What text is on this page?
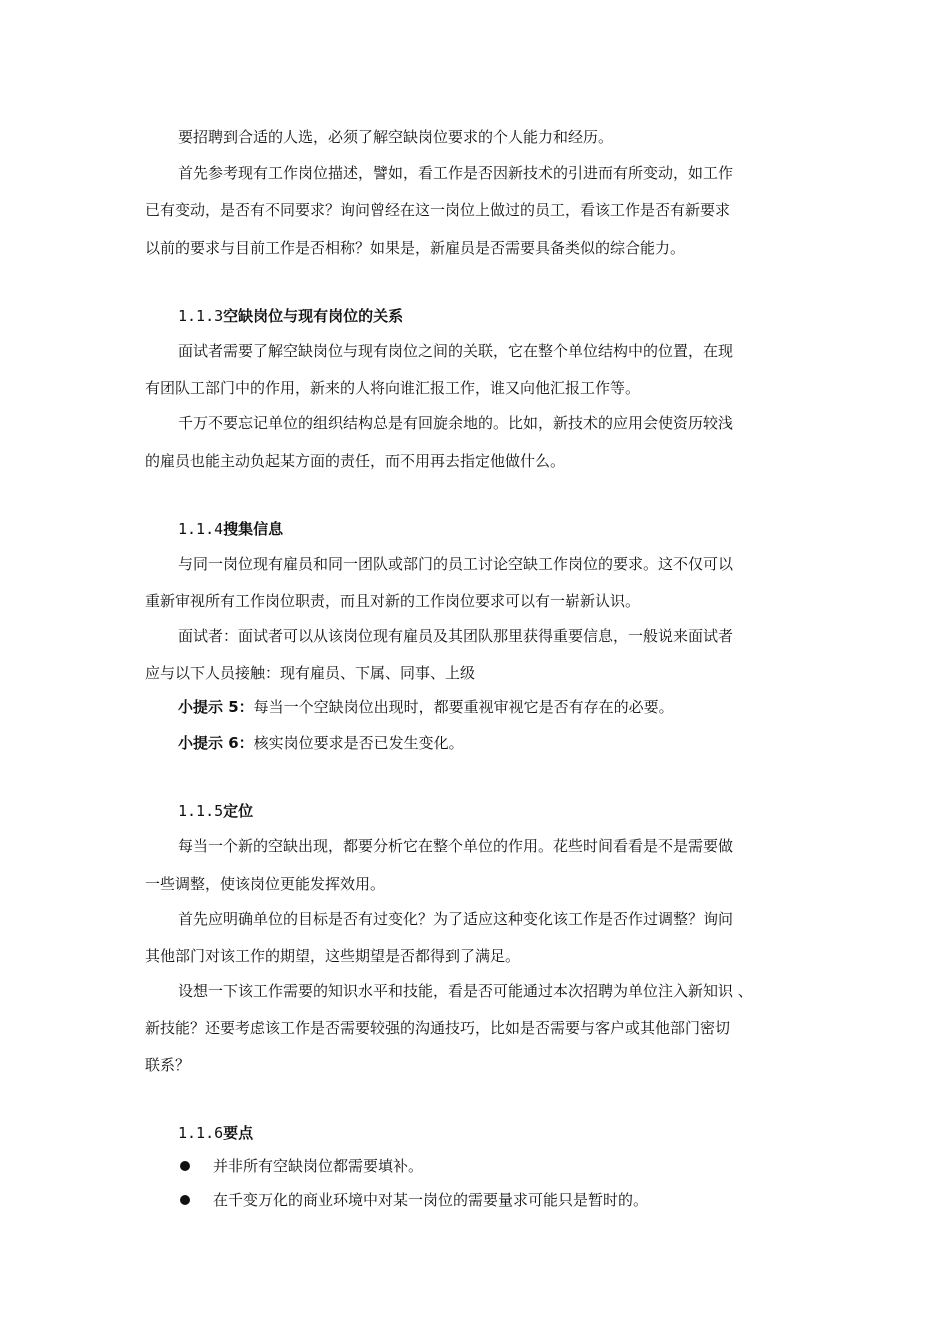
要招聘到合适的人选，必须了解空缺岗位要求的个人能力和经历。
首先参考现有工作岗位描述，譬如，看工作是否因新技术的引进而有所变动，如工作
已有变动，是否有不同要求？询问曾经在这一岗位上做过的员工，看该工作是否有新要求
以前的要求与目前工作是否相称？如果是，新雇员是否需要具备类似的综合能力。
1.1.3空缺岗位与现有岗位的关系
面试者需要了解空缺岗位与现有岗位之间的关联，它在整个单位结构中的位置，在现
有团队工部门中的作用，新来的人将向谁汇报工作，谁又向他汇报工作等。
千万不要忘记单位的组织结构总是有回旋余地的。比如，新技术的应用会使资历较浅
的雇员也能主动负起某方面的责任，而不用再去指定他做什么。
1.1.4搜集信息
与同一岗位现有雇员和同一团队或部门的员工讨论空缺工作岗位的要求。这不仅可以
重新审视所有工作岗位职责，而且对新的工作岗位要求可以有一崭新认识。
面试者：面试者可以从该岗位现有雇员及其团队那里获得重要信息，一般说来面试者
应与以下人员接触：现有雇员、下属、同事、上级
小提示 5：每当一个空缺岗位出现时，都要重视审视它是否有存在的必要。
小提示 6：核实岗位要求是否已发生变化。
1.1.5定位
每当一个新的空缺出现，都要分析它在整个单位的作用。花些时间看看是不是需要做
一些调整，使该岗位更能发挥效用。
首先应明确单位的目标是否有过变化？为了适应这种变化该工作是否作过调整？询问
其他部门对该工作的期望，这些期望是否都得到了满足。
设想一下该工作需要的知识水平和技能，看是否可能通过本次招聘为单位注入新知识 、
新技能？还要考虑该工作是否需要较强的沟通技巧，比如是否需要与客户或其他部门密切
联系？
1.1.6要点
并非所有空缺岗位都需要填补。
在千变万化的商业环境中对某一岗位的需要量求可能只是暂时的。
